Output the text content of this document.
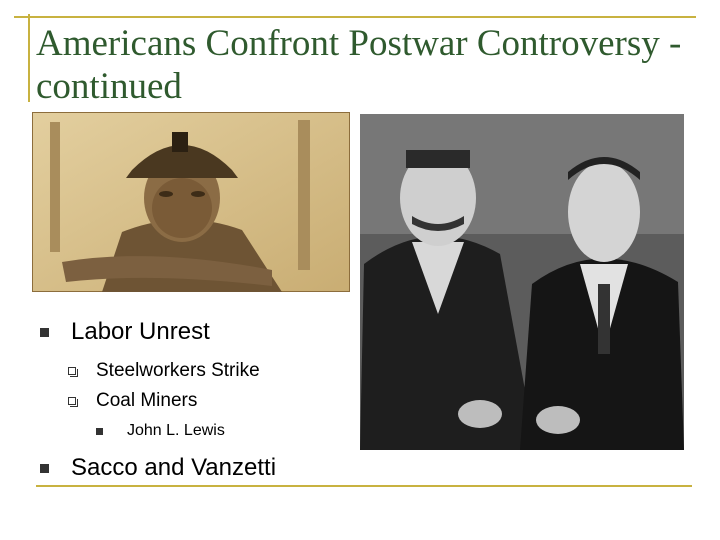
Americans Confront Postwar Controversy - continued
Labor Unrest
Steelworkers Strike
Coal Miners
John L. Lewis
Sacco and Vanzetti
